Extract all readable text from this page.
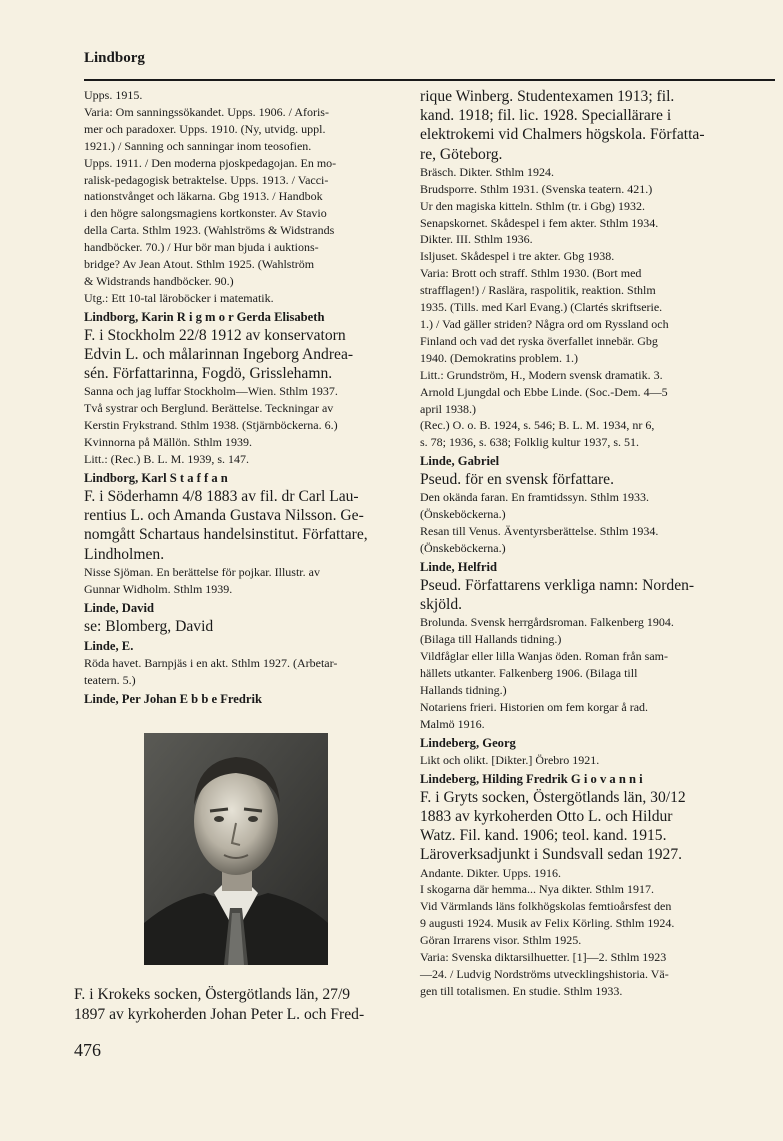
Lindborg
Upps. 1915.
Varia: Om sanningssökandet. Upps. 1906. / Aforis-
mer och paradoxer. Upps. 1910. (Ny, utvidg. uppl.
1921.) / Sanning och sanningar inom teosofien.
Upps. 1911. / Den moderna pjoskpedagojan. En mo-
ralisk-pedagogisk betraktelse. Upps. 1913. / Vacci-
nationstvånget och läkarna. Gbg 1913. / Handbok
i den högre salongsmagiens kortkonster. Av Stavio
della Carta. Sthlm 1923. (Wahlströms & Widstrands
handböcker. 70.) / Hur bör man bjuda i auktions-
bridge? Av Jean Atout. Sthlm 1925. (Wahlström
& Widstrands handböcker. 90.)
Utg.: Ett 10-tal läroböcker i matematik.
Lindborg, Karin R i g m o r Gerda Elisabeth
F. i Stockholm 22/8 1912 av konservatorn
Edvin L. och målarinnan Ingeborg Andrea-
sén. Författarinna, Fogdö, Grisslehamn.
Sanna och jag luffar Stockholm—Wien. Sthlm 1937.
Två systrar och Berglund. Berättelse. Teckningar av
Kerstin Frykstrand. Sthlm 1938. (Stjärnböckerna. 6.)
Kvinnorna på Mällön. Sthlm 1939.
Litt.: (Rec.) B. L. M. 1939, s. 147.
Lindborg, Karl S t a f f a n
F. i Söderhamn 4/8 1883 av fil. dr Carl Lau-
rentius L. och Amanda Gustava Nilsson. Ge-
nomgått Schartaus handelsinstitut. Författare,
Lindholmen.
Nisse Sjöman. En berättelse för pojkar. Illustr. av
Gunnar Widholm. Sthlm 1939.
Linde, David
se: Blomberg, David
Linde, E.
Röda havet. Barnpjäs i en akt. Sthlm 1927. (Arbetar-
teatern. 5.)
Linde, Per Johan E b b e Fredrik
F. i Krokeks socken, Östergötlands län, 27/9
1897 av kyrkoherden Johan Peter L. och Fred-
rique Winberg. Studentexamen 1913; fil.
kand. 1918; fil. lic. 1928. Speciallärare i
elektrokemi vid Chalmers högskola. Författa-
re, Göteborg.
Bräsch. Dikter. Sthlm 1924.
Brudsporre. Sthlm 1931. (Svenska teatern. 421.)
Ur den magiska kitteln. Sthlm (tr. i Gbg) 1932.
Senapskornet. Skådespel i fem akter. Sthlm 1934.
Dikter. III. Sthlm 1936.
Isljuset. Skådespel i tre akter. Gbg 1938.
Varia: Brott och straff. Sthlm 1930. (Bort med
strafflagen!) / Raslära, raspolitik, reaktion. Sthlm
1935. (Tills. med Karl Evang.) (Clartés skriftserie.
1.) / Vad gäller striden? Några ord om Ryssland och
Finland och vad det ryska överfallet innebär. Gbg
1940. (Demokratins problem. 1.)
Litt.: Grundström, H., Modern svensk dramatik. 3.
Arnold Ljungdal och Ebbe Linde. (Soc.-Dem. 4—5
april 1938.)
(Rec.) O. o. B. 1924, s. 546; B. L. M. 1934, nr 6,
s. 78; 1936, s. 638; Folklig kultur 1937, s. 51.
Linde, Gabriel
Pseud. för en svensk författare.
Den okända faran. En framtidssyn. Sthlm 1933.
(Önskeböckerna.)
Resan till Venus. Äventyrsberättelse. Sthlm 1934.
(Önskeböckerna.)
Linde, Helfrid
Pseud. Författarens verkliga namn: Norden-
skjöld.
Brolunda. Svensk herrgårdsroman. Falkenberg 1904.
(Bilaga till Hallands tidning.)
Vildfåglar eller lilla Wanjas öden. Roman från sam-
hällets utkanter. Falkenberg 1906. (Bilaga till
Hallands tidning.)
Notariens frieri. Historien om fem korgar å rad.
Malmö 1916.
Lindeberg, Georg
Likt och olikt. [Dikter.] Örebro 1921.
Lindeberg, Hilding Fredrik G i o v a n n i
F. i Gryts socken, Östergötlands län, 30/12
1883 av kyrkoherden Otto L. och Hildur
Watz. Fil. kand. 1906; teol. kand. 1915.
Läroverksadjunkt i Sundsvall sedan 1927.
Andante. Dikter. Upps. 1916.
I skogarna där hemma... Nya dikter. Sthlm 1917.
Vid Värmlands läns folkhögskolas femtioårsfest den
9 augusti 1924. Musik av Felix Körling. Sthlm 1924.
Göran Irrarens visor. Sthlm 1925.
Varia: Svenska diktarsilhuetter. [1]—2. Sthlm 1923
—24. / Ludvig Nordströms utvecklingshistoria. Vä-
gen till totalismen. En studie. Sthlm 1933.
476
